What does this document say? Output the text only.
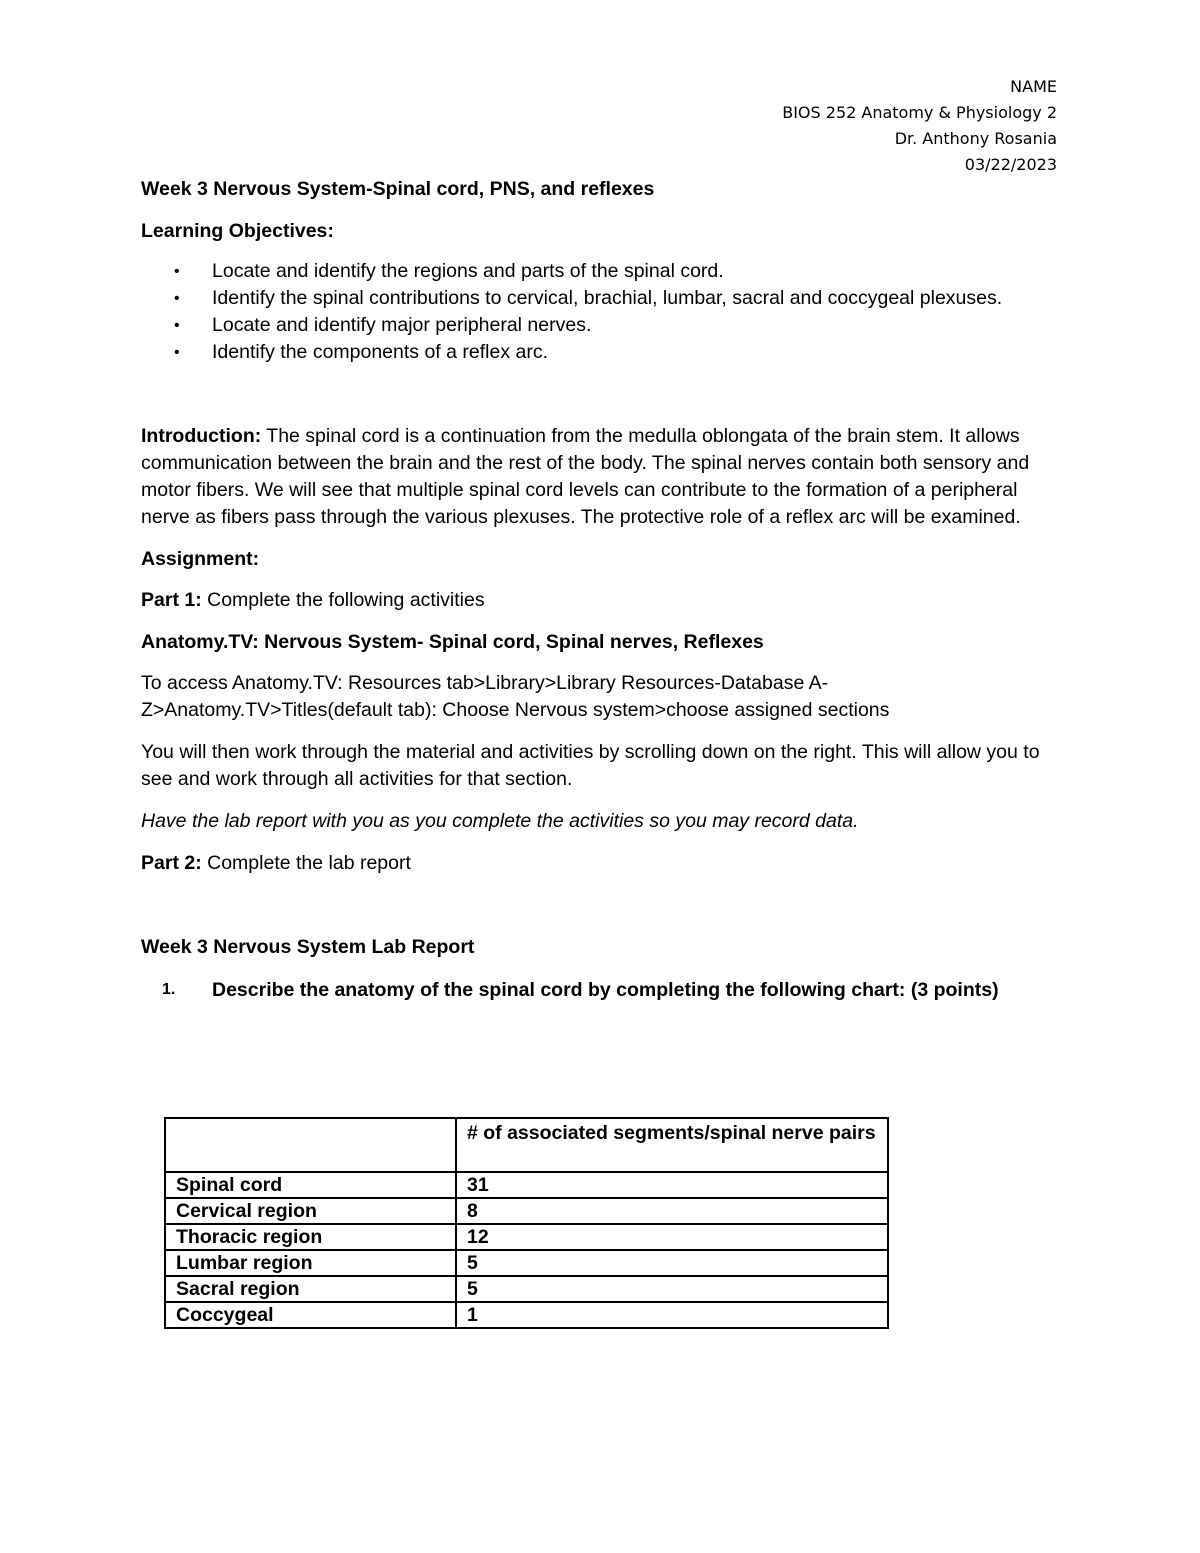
NAME
BIOS 252 Anatomy & Physiology 2
Dr. Anthony Rosania
03/22/2023
Week 3 Nervous System-Spinal cord, PNS, and reflexes
Learning Objectives:
• Locate and identify the regions and parts of the spinal cord.
• Identify the spinal contributions to cervical, brachial, lumbar, sacral and coccygeal plexuses.
• Locate and identify major peripheral nerves.
• Identify the components of a reflex arc.

Introduction: The spinal cord is a continuation from the medulla oblongata of the brain stem. It allows communication between the brain and the rest of the body. The spinal nerves contain both sensory and motor fibers. We will see that multiple spinal cord levels can contribute to the formation of a peripheral nerve as fibers pass through the various plexuses. The protective role of a reflex arc will be examined.

Assignment:

Part 1: Complete the following activities

Anatomy.TV: Nervous System- Spinal cord, Spinal nerves, Reflexes

To access Anatomy.TV: Resources tab>Library>Library Resources-Database A-
Z>Anatomy.TV>Titles(default tab): Choose Nervous system>choose assigned sections

You will then work through the material and activities by scrolling down on the right. This will allow you to see and work through all activities for that section.

Have the lab report with you as you complete the activities so you may record data.

Part 2: Complete the lab report

Week 3 Nervous System Lab Report
1. Describe the anatomy of the spinal cord by completing the following chart: (3 points)
	# of associated segments/spinal nerve pairs
Spinal cord	31
Cervical region	8
Thoracic region	12
Lumbar region	5
Sacral region	5
Coccygeal	1
